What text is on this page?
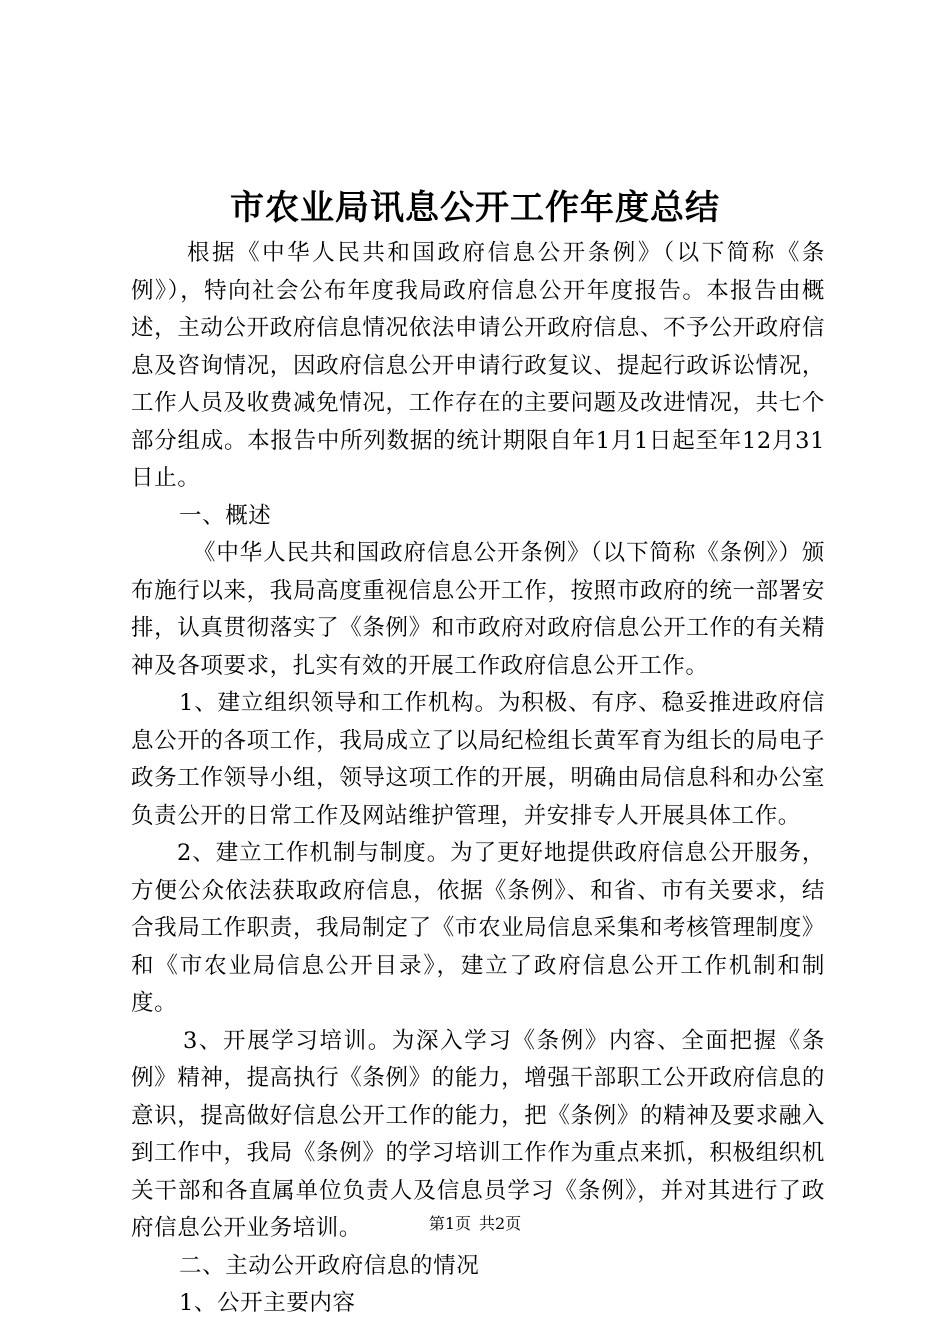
市农业局讯息公开工作年度总结

根据《中华人民共和国政府信息公开条例》（以下简称《条例》），特向社会公布年度我局政府信息公开年度报告。本报告由概述，主动公开政府信息情况依法申请公开政府信息、不予公开政府信息及咨询情况，因政府信息公开申请行政复议、提起行政诉讼情况，工作人员及收费减免情况，工作存在的主要问题及改进情况，共七个部分组成。本报告中所列数据的统计期限自年1月1日起至年12月31日止。

一、概述

《中华人民共和国政府信息公开条例》（以下简称《条例》）颁布施行以来，我局高度重视信息公开工作，按照市政府的统一部署安排，认真贯彻落实了《条例》和市政府对政府信息公开工作的有关精神及各项要求，扎实有效的开展工作政府信息公开工作。

1、建立组织领导和工作机构。为积极、有序、稳妥推进政府信息公开的各项工作，我局成立了以局纪检组长黄军育为组长的局电子政务工作领导小组，领导这项工作的开展，明确由局信息科和办公室负责公开的日常工作及网站维护管理，并安排专人开展具体工作。

2、建立工作机制与制度。为了更好地提供政府信息公开服务，方便公众依法获取政府信息，依据《条例》、和省、市有关要求，结合我局工作职责，我局制定了《市农业局信息采集和考核管理制度》和《市农业局信息公开目录》，建立了政府信息公开工作机制和制度。

3、开展学习培训。为深入学习《条例》内容、全面把握《条例》精神，提高执行《条例》的能力，增强干部职工公开政府信息的意识，提高做好信息公开工作的能力，把《条例》的精神及要求融入到工作中，我局《条例》的学习培训工作作为重点来抓，积极组织机关干部和各直属单位负责人及信息员学习《条例》，并对其进行了政府信息公开业务培训。

二、主动公开政府信息的情况

1、公开主要内容

第1页 共2页
